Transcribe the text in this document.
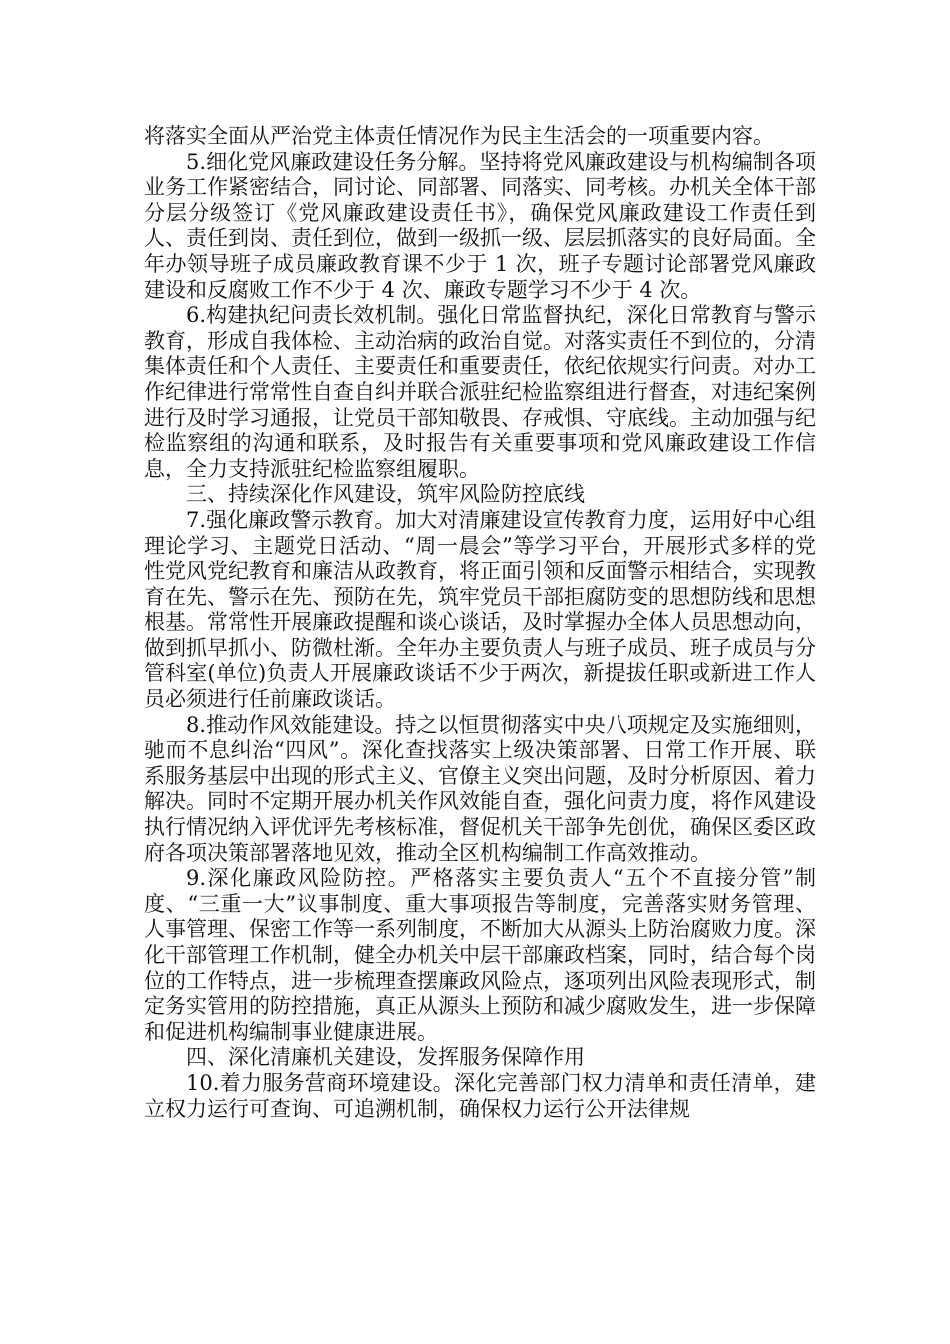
将落实全面从严治党主体责任情况作为民主生活会的一项重要内容。

5.细化党风廉政建设任务分解。坚持将党风廉政建设与机构编制各项业务工作紧密结合，同讨论、同部署、同落实、同考核。办机关全体干部分层分级签订《党风廉政建设责任书》，确保党风廉政建设工作责任到人、责任到岗、责任到位，做到一级抓一级、层层抓落实的良好局面。全年办领导班子成员廉政教育课不少于 1 次，班子专题讨论部署党风廉政建设和反腐败工作不少于 4 次、廉政专题学习不少于 4 次。

6.构建执纪问责长效机制。强化日常监督执纪，深化日常教育与警示教育，形成自我体检、主动治病的政治自觉。对落实责任不到位的，分清集体责任和个人责任、主要责任和重要责任，依纪依规实行问责。对办工作纪律进行常常性自查自纠并联合派驻纪检监察组进行督查，对违纪案例进行及时学习通报，让党员干部知敬畏、存戒惧、守底线。主动加强与纪检监察组的沟通和联系，及时报告有关重要事项和党风廉政建设工作信息，全力支持派驻纪检监察组履职。

三、持续深化作风建设，筑牢风险防控底线

7.强化廉政警示教育。加大对清廉建设宣传教育力度，运用好中心组理论学习、主题党日活动、“周一晨会”等学习平台，开展形式多样的党性党风党纪教育和廉洁从政教育，将正面引领和反面警示相结合，实现教育在先、警示在先、预防在先，筑牢党员干部拒腐防变的思想防线和思想根基。常常性开展廉政提醒和谈心谈话，及时掌握办全体人员思想动向，做到抓早抓小、防微杜渐。全年办主要负责人与班子成员、班子成员与分管科室(单位)负责人开展廉政谈话不少于两次，新提拔任职或新进工作人员必须进行任前廉政谈话。

8.推动作风效能建设。持之以恒贯彻落实中央八项规定及实施细则，驰而不息纠治“四风”。深化查找落实上级决策部署、日常工作开展、联系服务基层中出现的形式主义、官僚主义突出问题，及时分析原因、着力解决。同时不定期开展办机关作风效能自查，强化问责力度，将作风建设执行情况纳入评优评先考核标准，督促机关干部争先创优，确保区委区政府各项决策部署落地见效，推动全区机构编制工作高效推动。

9.深化廉政风险防控。严格落实主要负责人“五个不直接分管”制度、“三重一大”议事制度、重大事项报告等制度，完善落实财务管理、人事管理、保密工作等一系列制度，不断加大从源头上防治腐败力度。深化干部管理工作机制，健全办机关中层干部廉政档案，同时，结合每个岗位的工作特点，进一步梳理查摆廉政风险点，逐项列出风险表现形式，制定务实管用的防控措施，真正从源头上预防和减少腐败发生，进一步保障和促进机构编制事业健康进展。

四、深化清廉机关建设，发挥服务保障作用

10.着力服务营商环境建设。深化完善部门权力清单和责任清单，建立权力运行可查询、可追溯机制，确保权力运行公开法律规
